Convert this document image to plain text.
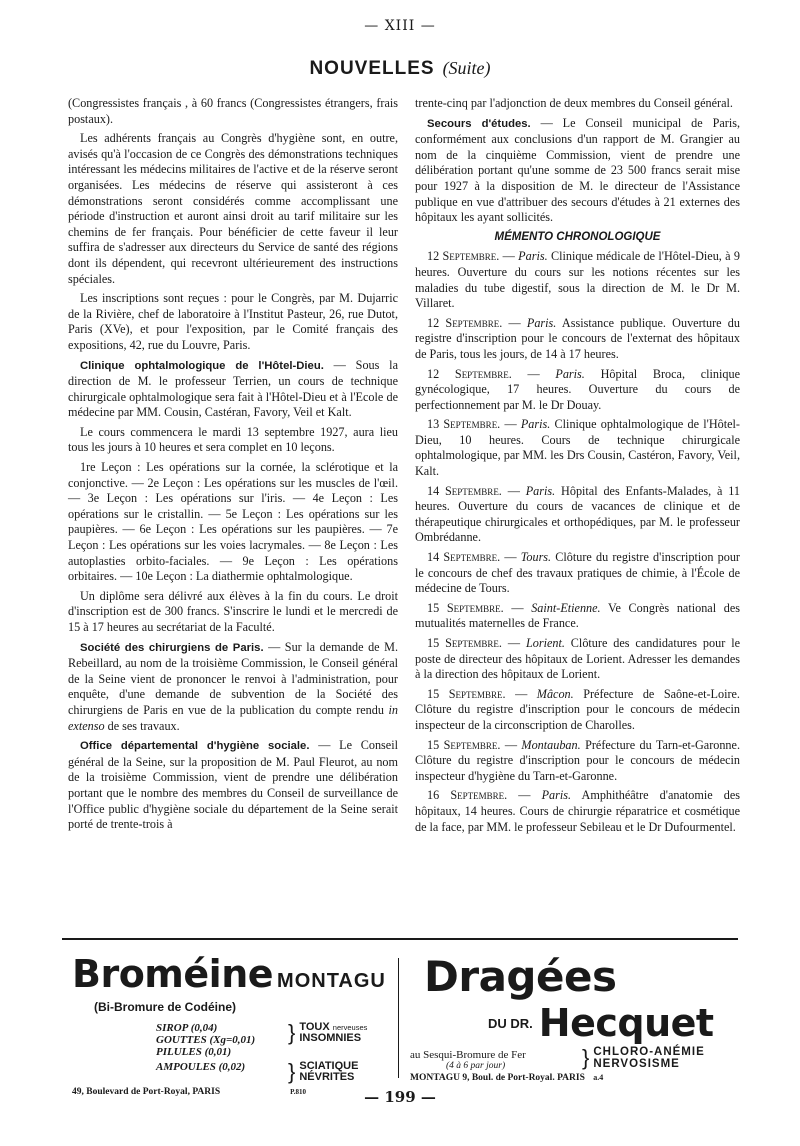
— XIII —
NOUVELLES (Suite)

(Congressistes français , à 60 francs (Congressistes étrangers, frais postaux).

Les adhérents français au Congrès d'hygiène sont, en outre, avisés qu'à l'occasion de ce Congrès des démonstrations techniques intéressant les médecins militaires de l'active et de la réserve seront organisées. Les médecins de réserve qui assisteront à ces démonstrations seront considérés comme accomplissant une période d'instruction et auront ainsi droit au tarif militaire sur les chemins de fer français. Pour bénéficier de cette faveur il leur suffira de s'adresser aux directeurs du Service de santé des régions dont ils dépendent, qui recevront ultérieurement des instructions spéciales.

Les inscriptions sont reçues : pour le Congrès, par M. Dujarric de la Rivière, chef de laboratoire à l'Institut Pasteur, 26, rue Dutot, Paris (XVe), et pour l'exposition, par le Comité français des expositions, 42, rue du Louvre, Paris.

Clinique ophtalmologique de l'Hôtel-Dieu. — Sous la direction de M. le professeur Terrien, un cours de technique chirurgicale ophtalmologique sera fait à l'Hôtel-Dieu et à l'Ecole de médecine par MM. Cousin, Castéran, Favory, Veil et Kalt.

Le cours commencera le mardi 13 septembre 1927, aura lieu tous les jours à 10 heures et sera complet en 10 leçons.

1re Leçon : Les opérations sur la cornée, la sclérotique et la conjonctive. — 2e Leçon : Les opérations sur les muscles de l'œil. — 3e Leçon : Les opérations sur l'iris. — 4e Leçon : Les opérations sur le cristallin. — 5e Leçon : Les opérations sur les paupières. — 6e Leçon : Les opérations sur les paupières. — 7e Leçon : Les opérations sur les voies lacrymales. — 8e Leçon : Les autoplasties orbito-faciales. — 9e Leçon : Les opérations orbitaires. — 10e Leçon : La diathermie ophtalmologique.

Un diplôme sera délivré aux élèves à la fin du cours. Le droit d'inscription est de 300 francs. S'inscrire le lundi et le mercredi de 15 à 17 heures au secrétariat de la Faculté.

Société des chirurgiens de Paris. — Sur la demande de M. Rebeillard, au nom de la troisième Commission, le Conseil général de la Seine vient de prononcer le renvoi à l'administration, pour enquête, d'une demande de subvention de la Société des chirurgiens de Paris en vue de la publication du compte rendu in extenso de ses travaux.

Office départemental d'hygiène sociale. — Le Conseil général de la Seine, sur la proposition de M. Paul Fleurot, au nom de la troisième Commission, vient de prendre une délibération portant que le nombre des membres du Conseil de surveillance de l'Office public d'hygiène sociale du département de la Seine serait porté de trente-trois à

trente-cinq par l'adjonction de deux membres du Conseil général.

Secours d'études. — Le Conseil municipal de Paris, conformément aux conclusions d'un rapport de M. Grangier au nom de la cinquième Commission, vient de prendre une délibération portant qu'une somme de 23 500 francs serait mise pour 1927 à la disposition de M. le directeur de l'Assistance publique en vue d'attribuer des secours d'études à 21 externes des hôpitaux les ayant sollicités.

MÉMENTO CHRONOLOGIQUE

12 Septembre. — Paris. Clinique médicale de l'Hôtel-Dieu, à 9 heures. Ouverture du cours sur les notions récentes sur les maladies du tube digestif, sous la direction de M. le Dr M. Villaret.

12 Septembre. — Paris. Assistance publique. Ouverture du registre d'inscription pour le concours de l'externat des hôpitaux de Paris, tous les jours, de 14 à 17 heures.

12 Septembre. — Paris. Hôpital Broca, clinique gynécologique, 17 heures. Ouverture du cours de perfectionnement par M. le Dr Douay.

13 Septembre. — Paris. Clinique ophtalmologique de l'Hôtel-Dieu, 10 heures. Cours de technique chirurgicale ophtalmologique, par MM. les Drs Cousin, Castéron, Favory, Veil, Kalt.

14 Septembre. — Paris. Hôpital des Enfants-Malades, à 11 heures. Ouverture du cours de vacances de clinique et de thérapeutique chirurgicales et orthopédiques, par M. le professeur Ombrédanne.

14 Septembre. — Tours. Clôture du registre d'inscription pour le concours de chef des travaux pratiques de chimie, à l'École de médecine de Tours.

15 Septembre. — Saint-Etienne. Ve Congrès national des mutualités maternelles de France.

15 Septembre. — Lorient. Clôture des candidatures pour le poste de directeur des hôpitaux de Lorient. Adresser les demandes à la direction des hôpitaux de Lorient.

15 Septembre. — Mâcon. Préfecture de Saône-et-Loire. Clôture du registre d'inscription pour le concours de médecin inspecteur de la circonscription de Charolles.

15 Septembre. — Montauban. Préfecture du Tarn-et-Garonne. Clôture du registre d'inscription pour le concours de médecin inspecteur d'hygiène du Tarn-et-Garonne.

16 Septembre. — Paris. Amphithéâtre d'anatomie des hôpitaux, 14 heures. Cours de chirurgie réparatrice et cosmétique de la face, par MM. le professeur Sebileau et le Dr Dufourmentel.

Broméine MONTAGU
(Bi-Bromure de Codéine)
SIROP (0,04)
GOUTTES (Xg=0,01)
PILULES (0,01)
} TOUX nerveuses
INSOMNIES
AMPOULES (0,02)	} SCIATIQUE
NÉVRITES
49, Boulevard de Port-Royal, PARIS	P.810
Dragées
DU DR. Hecquet
au Sesqui-Bromure de Fer
(4 à 6 par jour)	} CHLORO-ANÉMIE
NERVOSISME
MONTAGU 9, Boul. de Port-Royal. PARIS a.4
— 199 —
